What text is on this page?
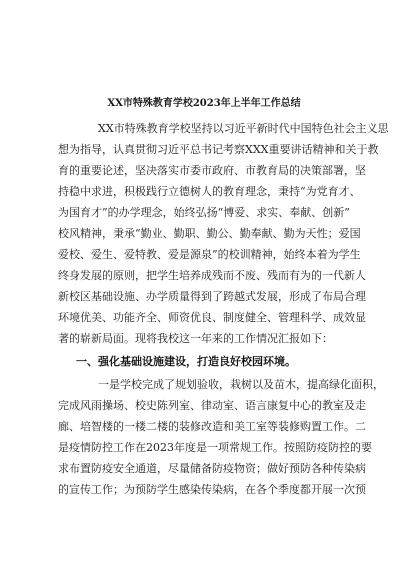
XX市特殊教育学校2023年上半年工作总结
XX市特殊教育学校坚持以习近平新时代中国特色社会主义思
想为指导，认真贯彻习近平总书记考察XXX重要讲话精神和关于教
育的重要论述，坚决落实市委市政府、市教育局的决策部署，坚
持稳中求进，积极践行立德树人的教育理念，秉持“为党育才、
为国育才”的办学理念，始终弘扬“博爱、求实、奉献、创新”
校风精神，秉承“勤业、勤职、勤公、勤奉献、勤为天性；爱国
爱校、爱生、爱特教、爱是源泉”的校训精神，始终本着为学生
终身发展的原则，把学生培养成残而不废、残而有为的一代新人
新校区基础设施、办学质量得到了跨越式发展，形成了布局合理
环境优美、功能齐全、师资优良、制度健全、管理科学、成效显
著的崭新局面。现将我校这一年来的工作情况汇报如下：
一、强化基础设施建设，打造良好校园环境。
一是学校完成了规划验收，栽树以及苗木，提高绿化面积，
完成风雨操场、校史陈列室、律动室、语言康复中心的教室及走
廊、培智楼的一楼二楼的装修改造和美工室等装修购置工作。二
是疫情防控工作在2023年度是一项常规工作。按照防疫防控的要
求布置防疫安全通道，尽量储备防疫物资；做好预防各种传染病
的宣传工作；为预防学生感染传染病，在各个季度都开展一次预
